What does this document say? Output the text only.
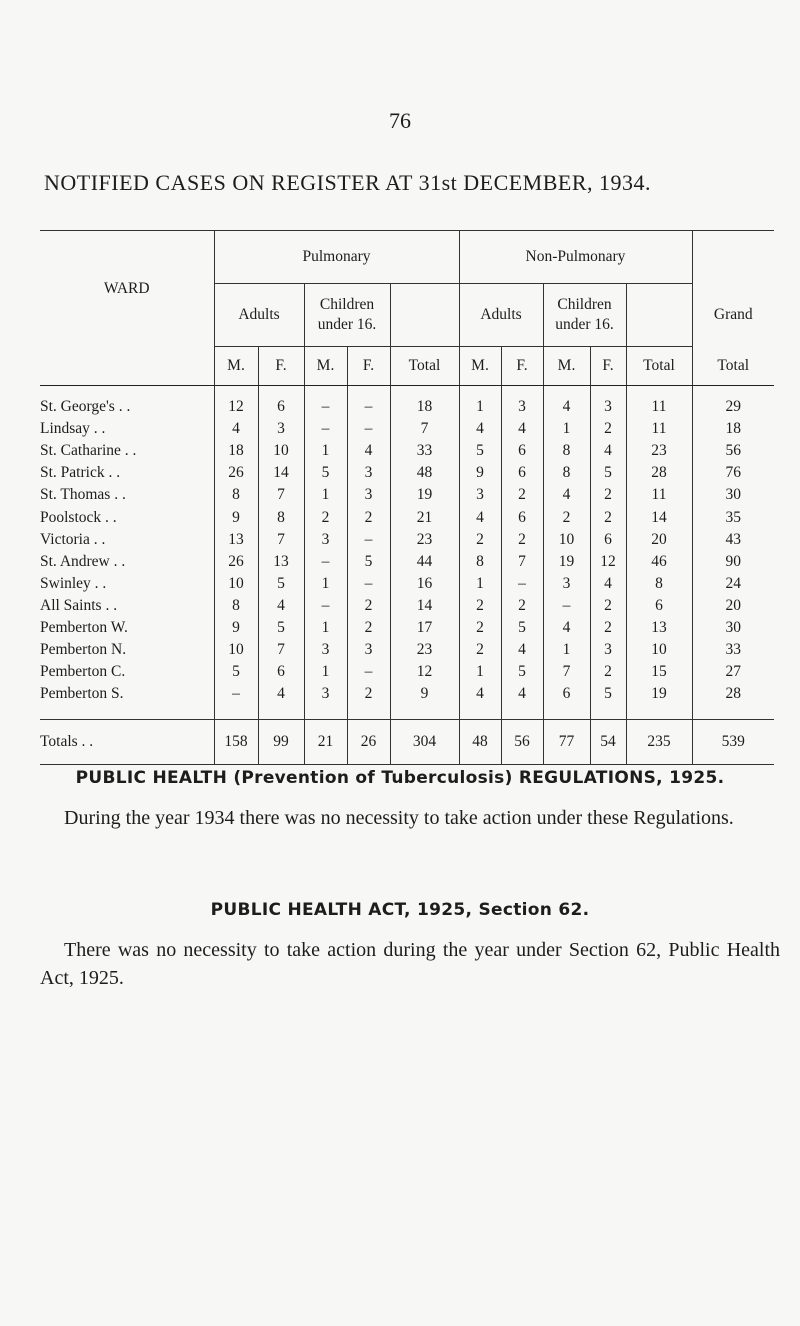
76
NOTIFIED CASES ON REGISTER AT 31st DECEMBER, 1934.
WARD	Pulmonary					Non-Pulmonary					
	Adults		Children under 16.			Adults		Children under 16.			Grand
	M.	F.	M.	F.	Total	M.	F.	M.	F.	Total	Total
St. George's . .	12	6	–	–	18	1	3	4	3	11	29
Lindsay . .	4	3	–	–	7	4	4	1	2	11	18
St. Catharine . .	18	10	1	4	33	5	6	8	4	23	56
St. Patrick . .	26	14	5	3	48	9	6	8	5	28	76
St. Thomas . .	8	7	1	3	19	3	2	4	2	11	30
Poolstock . .	9	8	2	2	21	4	6	2	2	14	35
Victoria . .	13	7	3	–	23	2	2	10	6	20	43
St. Andrew . .	26	13	–	5	44	8	7	19	12	46	90
Swinley . .	10	5	1	–	16	1	–	3	4	8	24
All Saints . .	8	4	–	2	14	2	2	–	2	6	20
Pemberton W.	9	5	1	2	17	2	5	4	2	13	30
Pemberton N.	10	7	3	3	23	2	4	1	3	10	33
Pemberton C.	5	6	1	–	12	1	5	7	2	15	27
Pemberton S.	–	4	3	2	9	4	4	6	5	19	28
Totals . .	158	99	21	26	304	48	56	77	54	235	539
PUBLIC HEALTH (Prevention of Tuberculosis) REGULATIONS, 1925.
During the year 1934 there was no necessity to take action under these Regulations.
PUBLIC HEALTH ACT, 1925, Section 62.
There was no necessity to take action during the year under Section 62, Public Health Act, 1925.
